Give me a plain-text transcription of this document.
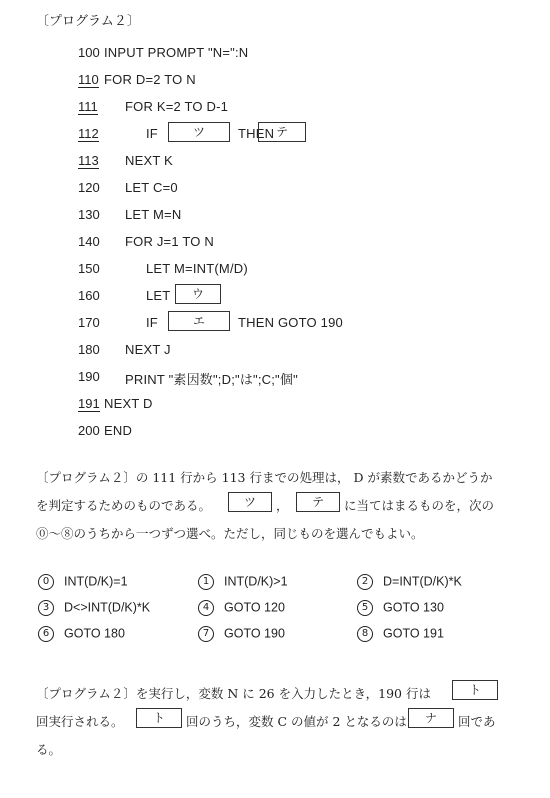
〔プログラム２〕
100 INPUT PROMPT "N=":N
110 FOR D=2 TO N
111 FOR K=2 TO D-1
112	IF	ツ	THEN テ
113 NEXT K
120 LET C=0
130 LET M=N
140 FOR J=1 TO N
150	LET M=INT(M/D)
160	LET	ウ
170	IF	エ	THEN GOTO 190
180 NEXT J
190 PRINT "素因数";D;"は";C;"個"
191 NEXT D
200 END
〔プログラム２〕の 111 行から 113 行までの処理は， D が素数であるかどうか
を判定するためのものである。	ツ	，	テ	に当てはまるものを，次の
⓪～⑧のうちから一つずつ選べ。ただし，同じものを選んでもよい。
0 INT(D/K)=1	1 INT(D/K)>1	2 D=INT(D/K)*K
3 D<>INT(D/K)*K	4 GOTO 120	5 GOTO 130
6 GOTO 180	7 GOTO 190	8 GOTO 191
〔プログラム２〕を実行し，変数 N に 26 を入力したとき，190 行は	ト
回実行される。	ト	回のうち，変数 C の値が 2 となるのは	ナ	回であ
る。
